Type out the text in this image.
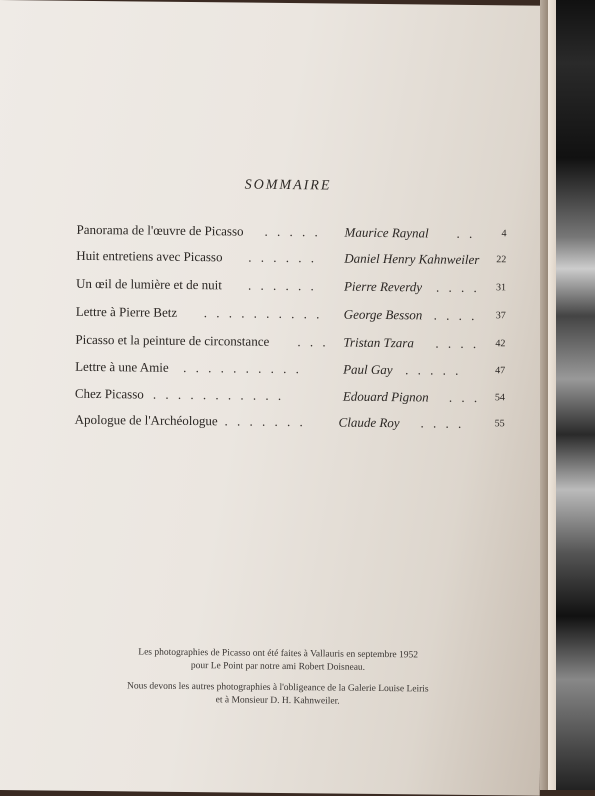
SOMMAIRE
Panorama de l'œuvre de Picasso . . . . . Maurice Raynal . .	4
Huit entretiens avec Picasso . . . . . . Daniel Henry Kahnweiler 22
Un œil de lumière et de nuit . . . . . . Pierre Reverdy . . . . 31
Lettre à Pierre Betz . . . . . . . . . . George Besson . . . . 37
Picasso et la peinture de circonstance . . . Tristan Tzara . . . . 42
Lettre à une Amie . . . . . . . . . .	Paul Gay . . . . .	47
Chez Picasso . . . . . . . . . . .	Edouard Pignon . . . 54
Apologue de l'Archéologue . . . . . . .	Claude Roy . . . .	55
Les photographies de Picasso ont été faites à Vallauris en septembre 1952
pour Le Point par notre ami Robert Doisneau.
Nous devons les autres photographies à l'obligeance de la Galerie Louise Leiris
et à Monsieur D. H. Kahnweiler.
